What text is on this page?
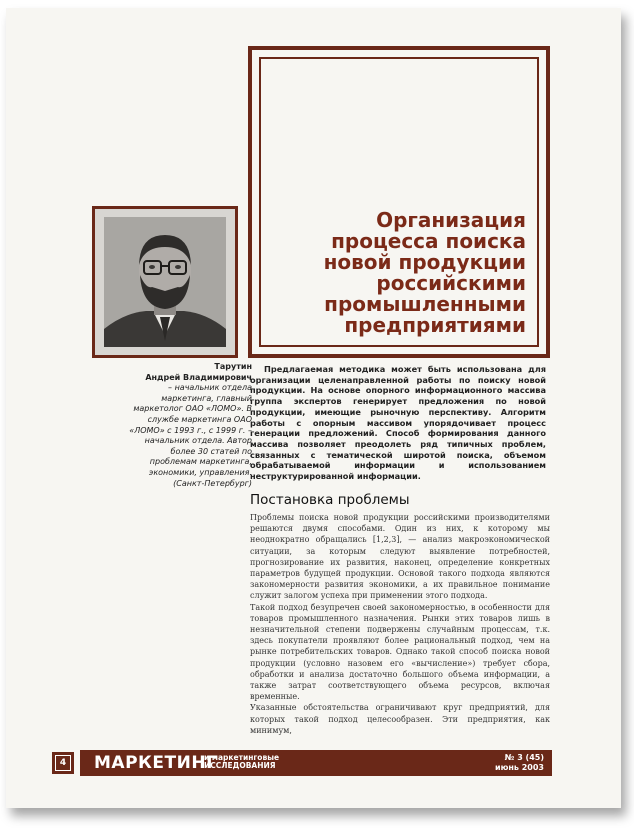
Организация
процесса поиска
новой продукции
российскими
промышленными
предприятиями
Тарутин
Андрей Владимирович
– начальник отдела маркетинга, главный маркетолог ОАО «ЛОМО». В службе маркетинга ОАО «ЛОМО» с 1993 г., с 1999 г. – начальник отдела. Автор более 30 статей по проблемам маркетинга, экономики, управления. (Санкт-Петербург)
Предлагаемая методика может быть использована для организации целенаправленной работы по поиску новой продукции. На основе опорного информационного массива группа экспертов генерирует предложения по новой продукции, имеющие рыночную перспективу. Алгоритм работы с опорным массивом упорядочивает процесс генерации предложений. Способ формирования данного массива позволяет преодолеть ряд типичных проблем, связанных с тематической широтой поиска, объемом обрабатываемой информации и использованием неструктурированной информации.
Постановка проблемы

Проблемы поиска новой продукции российскими производителями решаются двумя способами. Один из них, к которому мы неоднократно обращались [1,2,3], — анализ макроэкономической ситуации, за которым следуют выявление потребностей, прогнозирование их развития, наконец, определение конкретных параметров будущей продукции. Основой такого подхода являются закономерности развития экономики, а их правильное понимание служит залогом успеха при применении этого подхода.

Такой подход безупречен своей закономерностью, в особенности для товаров промышленного назначения. Рынки этих товаров лишь в незначительной степени подвержены случайным процессам, т.к. здесь покупатели проявляют более рациональный подход, чем на рынке потребительских товаров. Однако такой способ поиска новой продукции (условно назовем его «вычисление») требует сбора, обработки и анализа достаточно большого объема информации, а также затрат соответствующего объема ресурсов, включая временные.

Указанные обстоятельства ограничивают круг предприятий, для которых такой подход целесообразен. Эти предприятия, как минимум,

4 МАРКЕТИНГ
и маркетинговые
ИССЛЕДОВАНИЯ
№ 3 (45)
июнь 2003
